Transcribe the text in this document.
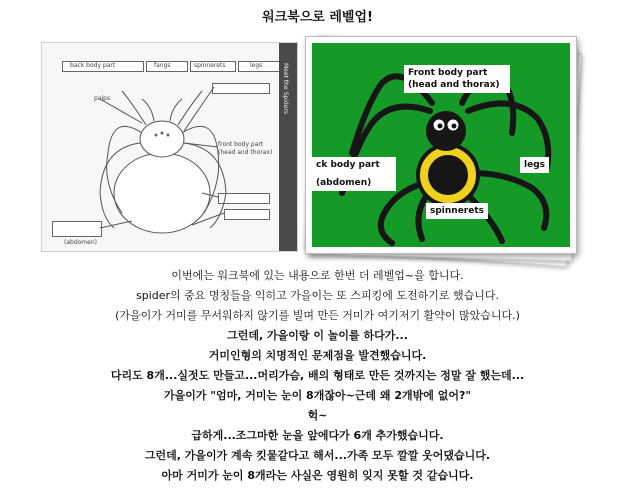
워크북으로 레벨업!
back body part	fangs	spinnerets	legs
palps
front body part
(head and thorax)
(abdomen)
Meet the Spiders	Front body part
(head and thorax)
ck body part
(abdomen)
legs
spinnerets

이번에는 워크북에 있는 내용으로 한번 더 레벨업~을 합니다.

spider의 중요 명칭들을 익히고 가을이는 또 스피킹에 도전하기로 했습니다.

(가을이가 거미를 무서워하지 않기를 빌며 만든 거미가 여기저기 활약이 많았습니다.)

그런데, 가을이랑 이 놀이를 하다가...

거미인형의 치명적인 문제점을 발견했습니다.

다리도 8개...실젓도 만들고...머리가슴, 배의 형태로 만든 것까지는 정말 잘 했는데...

가을이가 "엄마, 거미는 눈이 8개잖아~근데 왜 2개밖에 없어?"

헉~

급하게...조그마한 눈을 앞에다가 6개 추가했습니다.

그런데, 가을이가 계속 킷뭍같다고 해서...가족 모두 깔깔 웃어댔습니다.

아마 거미가 눈이 8개라는 사실은 영원히 잊지 못할 것 같습니다.
